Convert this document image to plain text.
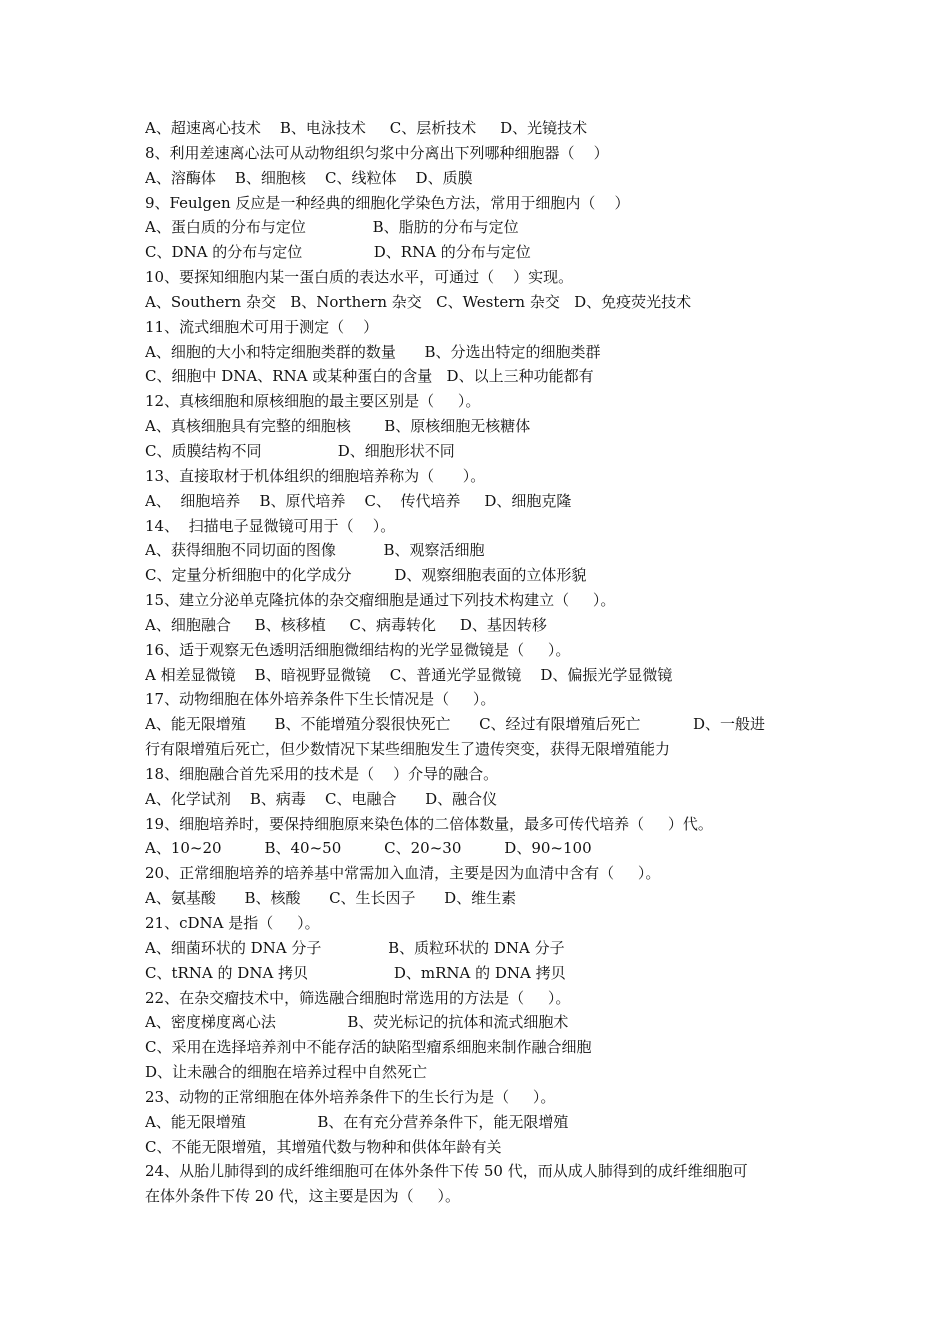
A、超速离心技术    B、电泳技术     C、层析技术     D、光镜技术
8、利用差速离心法可从动物组织匀浆中分离出下列哪种细胞器（    ）
A、溶酶体    B、细胞核    C、线粒体    D、质膜
9、Feulgen 反应是一种经典的细胞化学染色方法，常用于细胞内（    ）
A、蛋白质的分布与定位              B、脂肪的分布与定位
C、DNA 的分布与定位               D、RNA 的分布与定位
10、要探知细胞内某一蛋白质的表达水平，可通过（    ）实现。
A、Southern 杂交   B、Northern 杂交   C、Western 杂交   D、免疫荧光技术
11、流式细胞术可用于测定（    ）
A、细胞的大小和特定细胞类群的数量      B、分选出特定的细胞类群
C、细胞中 DNA、RNA 或某种蛋白的含量   D、以上三种功能都有
12、真核细胞和原核细胞的最主要区别是（     ）。
A、真核细胞具有完整的细胞核       B、原核细胞无核糖体
C、质膜结构不同                D、细胞形状不同
13、直接取材于机体组织的细胞培养称为（      ）。
A、  细胞培养    B、原代培养    C、  传代培养     D、细胞克隆
14、  扫描电子显微镜可用于（    ）。
A、获得细胞不同切面的图像          B、观察活细胞
C、定量分析细胞中的化学成分         D、观察细胞表面的立体形貌
15、建立分泌单克隆抗体的杂交瘤细胞是通过下列技术构建立（     ）。
A、细胞融合     B、核移植     C、病毒转化     D、基因转移
16、适于观察无色透明活细胞微细结构的光学显微镜是（     ）。
A 相差显微镜    B、暗视野显微镜    C、普通光学显微镜    D、偏振光学显微镜
17、动物细胞在体外培养条件下生长情况是（     ）。
A、能无限增殖      B、不能增殖分裂很快死亡      C、经过有限增殖后死亡           D、一般进
行有限增殖后死亡，但少数情况下某些细胞发生了遗传突变，获得无限增殖能力
18、细胞融合首先采用的技术是（    ）介导的融合。
A、化学试剂    B、病毒    C、电融合      D、融合仪
19、细胞培养时，要保持细胞原来染色体的二倍体数量，最多可传代培养（     ）代。
A、10~20         B、40~50         C、20~30         D、90~100
20、正常细胞培养的培养基中常需加入血清，主要是因为血清中含有（     ）。
A、氨基酸      B、核酸      C、生长因子      D、维生素
21、cDNA 是指（     ）。
A、细菌环状的 DNA 分子              B、质粒环状的 DNA 分子
C、tRNA 的 DNA 拷贝                  D、mRNA 的 DNA 拷贝
22、在杂交瘤技术中，筛选融合细胞时常选用的方法是（     ）。
A、密度梯度离心法               B、荧光标记的抗体和流式细胞术
C、采用在选择培养剂中不能存活的缺陷型瘤系细胞来制作融合细胞
D、让未融合的细胞在培养过程中自然死亡
23、动物的正常细胞在体外培养条件下的生长行为是（     ）。
A、能无限增殖               B、在有充分营养条件下，能无限增殖
C、不能无限增殖，其增殖代数与物种和供体年龄有关
24、从胎儿肺得到的成纤维细胞可在体外条件下传 50 代，而从成人肺得到的成纤维细胞可
在体外条件下传 20 代，这主要是因为（     ）。
